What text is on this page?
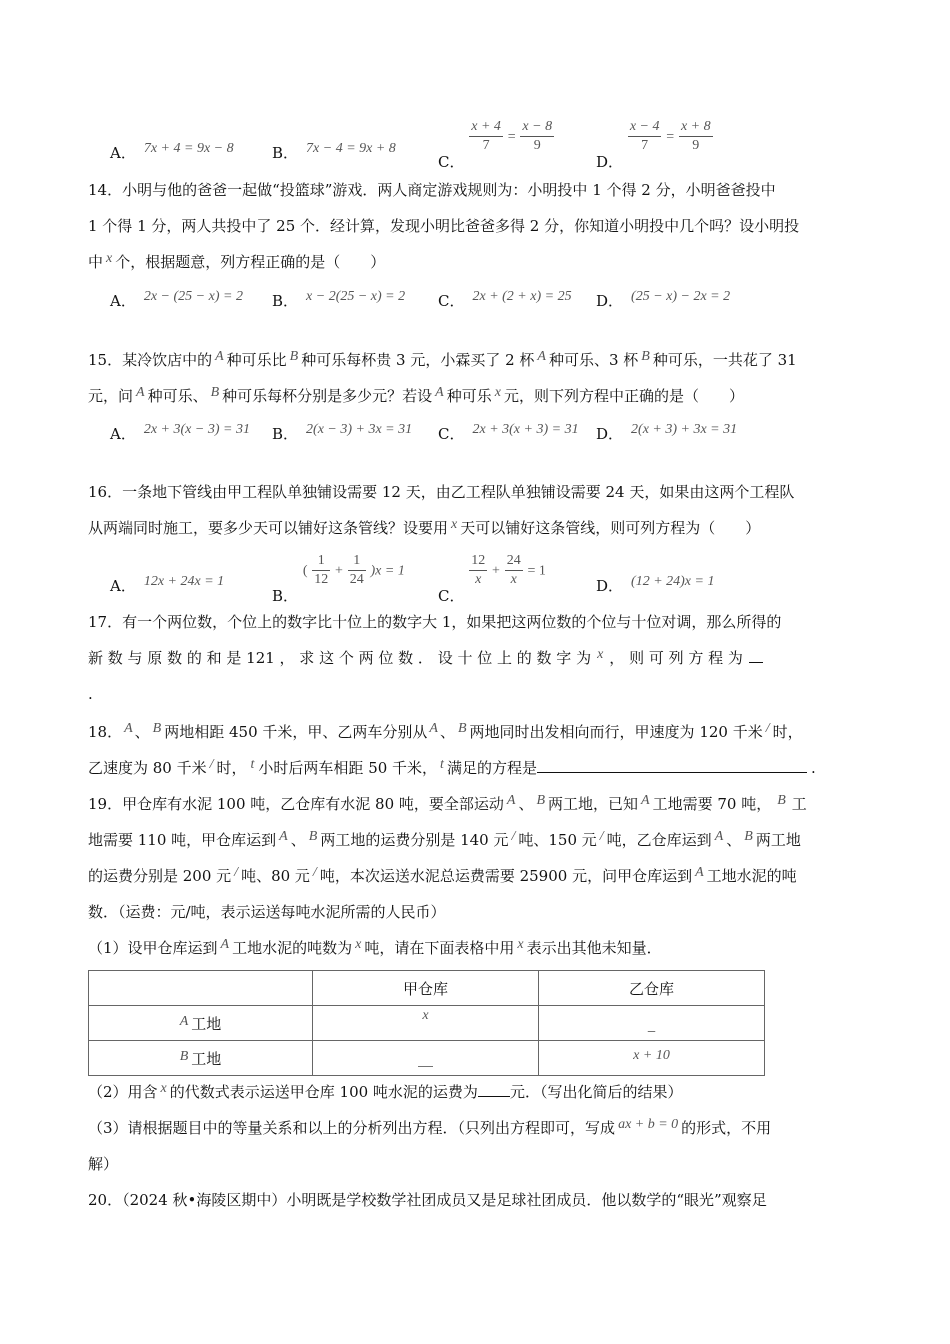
A． 7x + 4 = 9x − 8	B． 7x − 4 = 9x + 8
C．
$\frac{x + 4}{7} = \frac{x - 8}{9}$
D．
$\frac{x - 4}{7} = \frac{x + 8}{9}$
14．小明与他的爸爸一起做“投篮球”游戏．两人商定游戏规则为：小明投中 1 个得 2 分，小明爸爸投中
1 个得 1 分，两人共投中了 25 个．经计算，发现小明比爸爸多得 2 分，你知道小明投中几个吗？设小明投
中 x 个，根据题意，列方程正确的是（　　）
A． 2x − (25 − x) = 2 B． x − 2(25 − x) = 2 C． 2x + (2 + x) = 25 D． (25 − x) − 2x = 2
15．某冷饮店中的 A 种可乐比 B 种可乐每杯贵 3 元，小霖买了 2 杯 A 种可乐、3 杯 B 种可乐，一共花了 31
元，问 A 种可乐、 B 种可乐每杯分别是多少元？若设 A 种可乐 x 元，则下列方程中正确的是（　　）
A． 2x + 3(x − 3) = 31 B． 2(x − 3) + 3x = 31 C． 2x + 3(x + 3) = 31 D． 2(x + 3) + 3x = 31
16．一条地下管线由甲工程队单独铺设需要 12 天，由乙工程队单独铺设需要 24 天，如果由这两个工程队
从两端同时施工，要多少天可以铺好这条管线？设要用 x 天可以铺好这条管线，则可列方程为（　　）
A． 12x + 24x = 1
B． ( $\frac{1}{12} + \frac{1}{24} )x = 1$
C．
$\frac{12}{x} + \frac{24}{x} = 1$
D． (12 + 24)x = 1
17．有一个两位数，个位上的数字比十位上的数字大 1，如果把这两位数的个位与十位对调，那么所得的
新 数 与 原 数 的 和 是 121 ， 求 这 个 两 位 数 ． 设 十 位 上 的 数 字 为 x ， 则 可 列 方 程 为
.
18． A 、 B 两地相距 450 千米，甲、乙两车分别从 A 、 B 两地同时出发相向而行，甲速度为 120 千米 / 时，
乙速度为 80 千米 / 时， t 小时后两车相距 50 千米， t 满足的方程是	.
19．甲仓库有水泥 100 吨，乙仓库有水泥 80 吨，要全部运动 A 、 B 两工地，已知 A 工地需要 70 吨， B 工
地需要 110 吨，甲仓库运到 A 、 B 两工地的运费分别是 140 元 / 吨、150 元 / 吨，乙仓库运到 A 、 B 两工地
的运费分别是 200 元 / 吨、80 元 / 吨，本次运送水泥总运费需要 25900 元，问甲仓库运到 A 工地水泥的吨
数．（运费：元/吨，表示运送每吨水泥所需的人民币）
（1）设甲仓库运到 A 工地水泥的吨数为 x 吨，请在下面表格中用 x 表示出其他未知量．
	甲仓库	乙仓库
A 工地	x	_
B 工地	__	x + 10
（2）用含 x 的代数式表示运送甲仓库 100 吨水泥的运费为 元．（写出化简后的结果）
（3）请根据题目中的等量关系和以上的分析列出方程．（只列出方程即可，写成 ax + b = 0 的形式，不用
解）
20．（2024 秋•海陵区期中）小明既是学校数学社团成员又是足球社团成员．他以数学的“眼光”观察足
